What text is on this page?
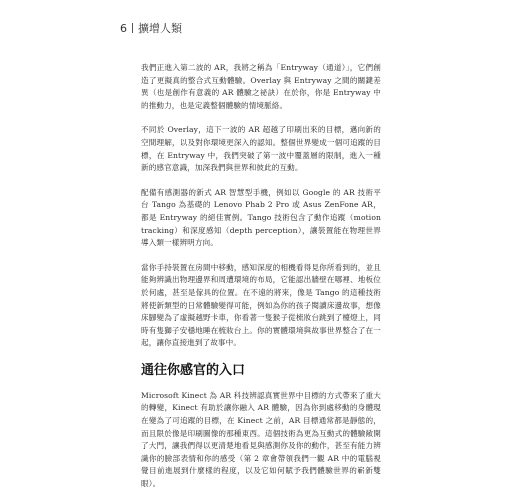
6 擴增人類

我們正進入第二波的 AR，我將之稱為「Entryway（通道）」，它們創造了更擬真的整合式互動體驗。Overlay 與 Entryway 之間的關鍵差異（也是創作有意義的 AR 體驗之祕訣）在於你，你是 Entryway 中的推動力，也是定義整個體驗的情境脈絡。

不同於 Overlay，這下一波的 AR 超越了印刷出來的目標，邁向新的空間理解，以及對你環境更深入的認知。整個世界變成一個可追蹤的目標，在 Entryway 中，我們突破了第一波中覆蓋層的限制，進入一種新的感官意識，加深我們與世界和彼此的互動。

配備有感測器的新式 AR 智慧型手機，例如以 Google 的 AR 技術平台 Tango 為基礎的 Lenovo Phab 2 Pro 或 Asus ZenFone AR，都是 Entryway 的絕佳實例。Tango 技術包含了動作追蹤（motion tracking）和深度感知（depth perception），讓裝置能在物理世界導入類一樣辨明方向。

當你手持裝置在房間中移動，感知深度的相機看得見你所看到的，並且能夠辨識出物理邊界和周遭環境的布局，它能認出牆壁在哪裡、地板位於何處，甚至是傢具的位置。在不遠的將來，像是 Tango 的這種技術將使新類型的日常體驗變得可能，例如為你的孩子閱讀床邊故事，想像床腳變為了虛擬越野卡車，你看著一隻猴子從梳妝台跳到了檯燈上，同時有隻獅子安穩地睡在梳妝台上。你的實體環境與故事世界整合了在一起，讓你直接進到了故事中。

通往你感官的入口

Microsoft Kinect 為 AR 科技辨認真實世界中目標的方式帶來了重大的轉變，Kinect 有助於讓你融入 AR 體驗，因為你到處移動的身體現在變為了可追蹤的目標，在 Kinect 之前，AR 目標通常都是靜態的，而且限於像是印刷圖像的那種東西。這個技術為更為互動式的體驗敞開了大門，讓我們得以更清楚地看見與感測你及你的動作，甚至有能力辨識你的臉部表情和你的感受（第 2 章會帶領我們一觀 AR 中的電腦視覺目前進展到什麼樣的程度，以及它如何賦予我們體驗世界的嶄新雙眼）。
